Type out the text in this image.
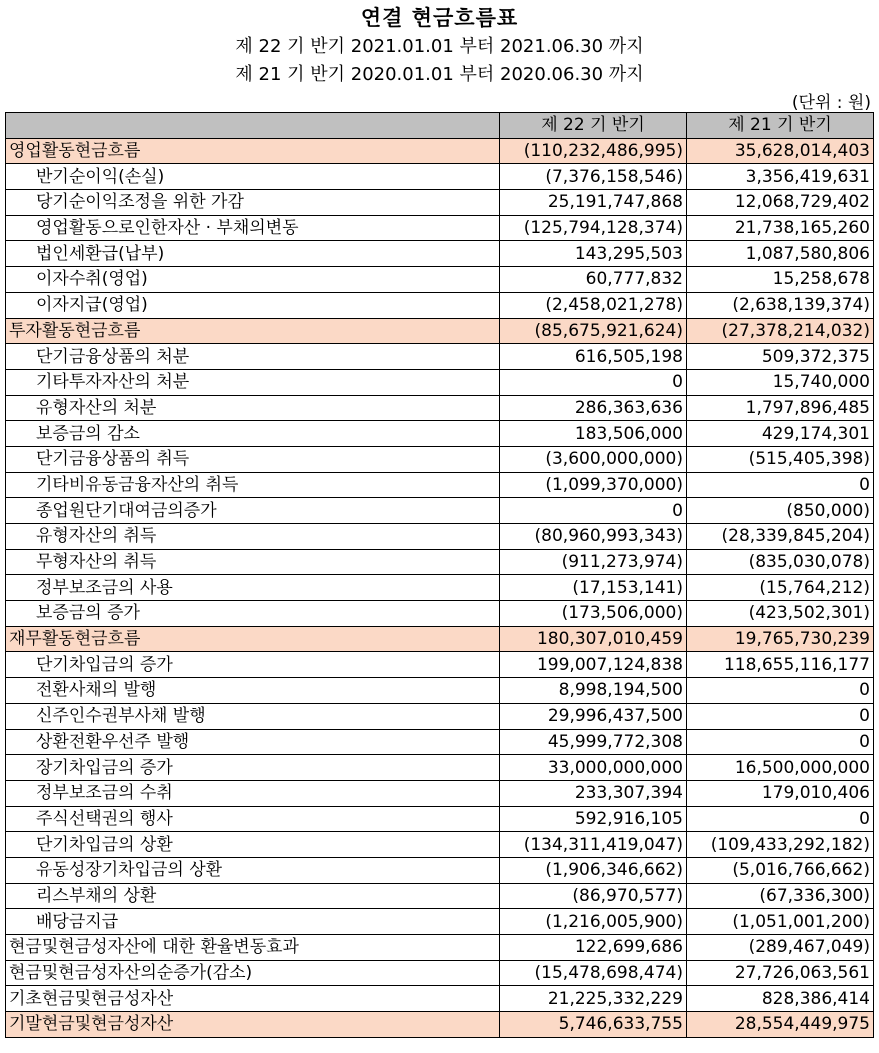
연결 현금흐름표
제 22 기 반기 2021.01.01 부터 2021.06.30 까지
제 21 기 반기 2020.01.01 부터 2020.06.30 까지
(단위 : 원)
	제 22 기 반기	제 21 기 반기
영업활동현금흐름	(110,232,486,995)	35,628,014,403
반기순이익(손실)	(7,376,158,546)	3,356,419,631
당기순이익조정을 위한 가감	25,191,747,868	12,068,729,402
영업활동으로인한자산 · 부채의변동	(125,794,128,374)	21,738,165,260
법인세환급(납부)	143,295,503	1,087,580,806
이자수취(영업)	60,777,832	15,258,678
이자지급(영업)	(2,458,021,278)	(2,638,139,374)
투자활동현금흐름	(85,675,921,624)	(27,378,214,032)
단기금융상품의 처분	616,505,198	509,372,375
기타투자자산의 처분	0	15,740,000
유형자산의 처분	286,363,636	1,797,896,485
보증금의 감소	183,506,000	429,174,301
단기금융상품의 취득	(3,600,000,000)	(515,405,398)
기타비유동금융자산의 취득	(1,099,370,000)	0
종업원단기대여금의증가	0	(850,000)
유형자산의 취득	(80,960,993,343)	(28,339,845,204)
무형자산의 취득	(911,273,974)	(835,030,078)
정부보조금의 사용	(17,153,141)	(15,764,212)
보증금의 증가	(173,506,000)	(423,502,301)
재무활동현금흐름	180,307,010,459	19,765,730,239
단기차입금의 증가	199,007,124,838	118,655,116,177
전환사채의 발행	8,998,194,500	0
신주인수권부사채 발행	29,996,437,500	0
상환전환우선주 발행	45,999,772,308	0
장기차입금의 증가	33,000,000,000	16,500,000,000
정부보조금의 수취	233,307,394	179,010,406
주식선택권의 행사	592,916,105	0
단기차입금의 상환	(134,311,419,047)	(109,433,292,182)
유동성장기차입금의 상환	(1,906,346,662)	(5,016,766,662)
리스부채의 상환	(86,970,577)	(67,336,300)
배당금지급	(1,216,005,900)	(1,051,001,200)
현금및현금성자산에 대한 환율변동효과	122,699,686	(289,467,049)
현금및현금성자산의순증가(감소)	(15,478,698,474)	27,726,063,561
기초현금및현금성자산	21,225,332,229	828,386,414
기말현금및현금성자산	5,746,633,755	28,554,449,975
